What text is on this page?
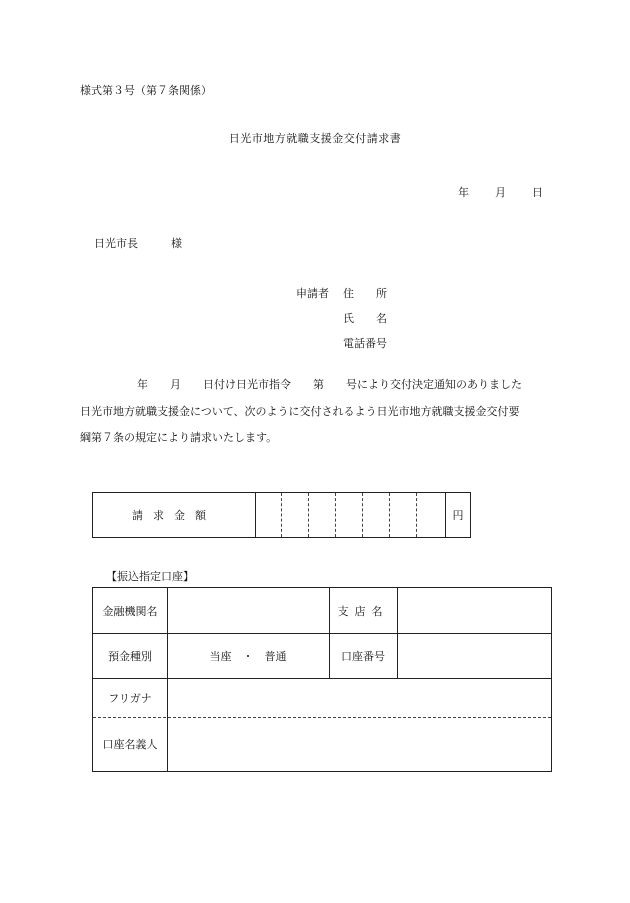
様式第３号（第７条関係）
日光市地方就職支援金交付請求書
年 月 日
日光市長　　　様
申請者 住　　所
氏　　名
電話番号
年　　月　　日付け日光市指令　　第　　号により交付決定通知のありました
日光市地方就職支援金について、次のように交付されるよう日光市地方就職支援金交付要
綱第７条の規定により請求いたします。
請求金額	円
【振込指定口座】
金融機関名	支店名
預金種別	当座　・　普通	口座番号
フリガナ
口座名義人
